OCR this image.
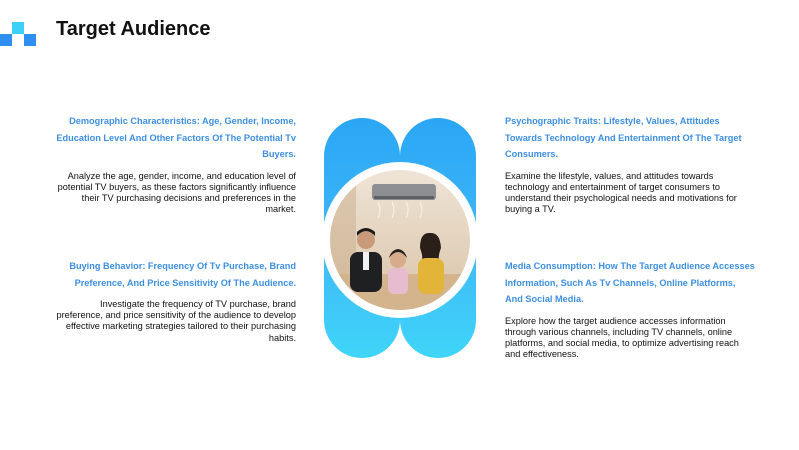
Target Audience
Demographic Characteristics: Age, Gender, Income, Education Level And Other Factors Of The Potential Tv Buyers.

Analyze the age, gender, income, and education level of potential TV buyers, as these factors significantly influence their TV purchasing decisions and preferences in the market.

Psychographic Traits: Lifestyle, Values, Attitudes Towards Technology And Entertainment Of The Target Consumers.

Examine the lifestyle, values, and attitudes towards technology and entertainment of target consumers to understand their psychological needs and motivations for buying a TV.

Buying Behavior: Frequency Of Tv Purchase, Brand Preference, And Price Sensitivity Of The Audience.

Investigate the frequency of TV purchase, brand preference, and price sensitivity of the audience to develop effective marketing strategies tailored to their purchasing habits.

Media Consumption: How The Target Audience Accesses Information, Such As Tv Channels, Online Platforms, And Social Media.

Explore how the target audience accesses information through various channels, including TV channels, online platforms, and social media, to optimize advertising reach and effectiveness.
